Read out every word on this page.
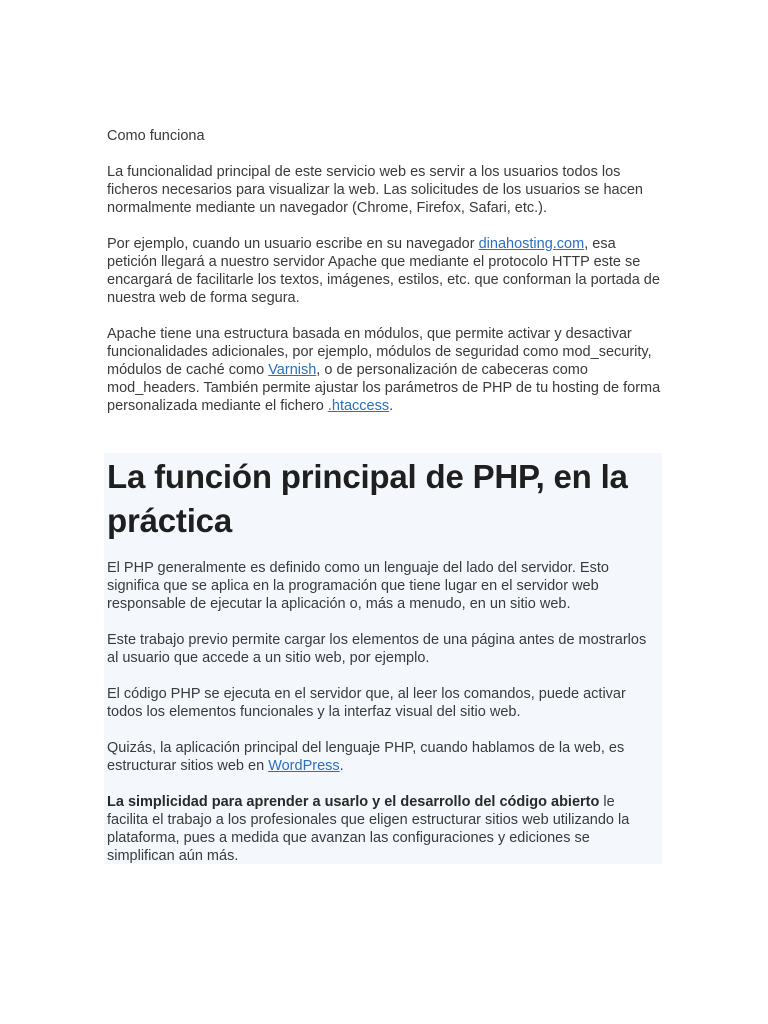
Como funciona

La funcionalidad principal de este servicio web es servir a los usuarios todos los ficheros necesarios para visualizar la web. Las solicitudes de los usuarios se hacen normalmente mediante un navegador (Chrome, Firefox, Safari, etc.).

Por ejemplo, cuando un usuario escribe en su navegador dinahosting.com, esa petición llegará a nuestro servidor Apache que mediante el protocolo HTTP este se encargará de facilitarle los textos, imágenes, estilos, etc. que conforman la portada de nuestra web de forma segura.

Apache tiene una estructura basada en módulos, que permite activar y desactivar funcionalidades adicionales, por ejemplo, módulos de seguridad como mod_security, módulos de caché como Varnish, o de personalización de cabeceras como mod_headers. También permite ajustar los parámetros de PHP de tu hosting de forma personalizada mediante el fichero .htaccess.

La función principal de PHP, en la práctica

El PHP generalmente es definido como un lenguaje del lado del servidor. Esto significa que se aplica en la programación que tiene lugar en el servidor web responsable de ejecutar la aplicación o, más a menudo, en un sitio web.

Este trabajo previo permite cargar los elementos de una página antes de mostrarlos al usuario que accede a un sitio web, por ejemplo.

El código PHP se ejecuta en el servidor que, al leer los comandos, puede activar todos los elementos funcionales y la interfaz visual del sitio web.

Quizás, la aplicación principal del lenguaje PHP, cuando hablamos de la web, es estructurar sitios web en WordPress.

La simplicidad para aprender a usarlo y el desarrollo del código abierto le facilita el trabajo a los profesionales que eligen estructurar sitios web utilizando la plataforma, pues a medida que avanzan las configuraciones y ediciones se simplifican aún más.
